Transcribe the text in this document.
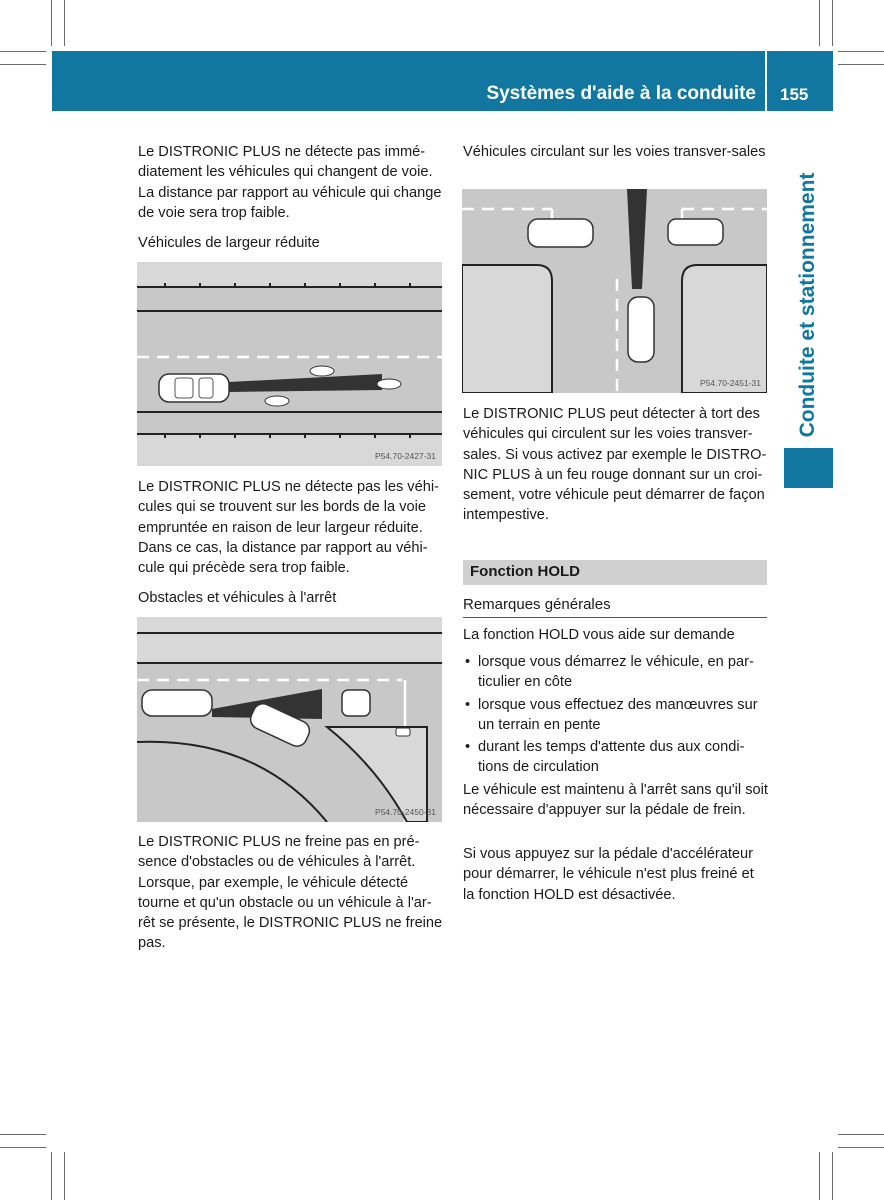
Systèmes d'aide à la conduite 155
Conduite et stationnement

Le DISTRONIC PLUS ne détecte pas immé-diatement les véhicules qui changent de voie. La distance par rapport au véhicule qui change de voie sera trop faible.

Véhicules de largeur réduite
P54.70-2427-31

Le DISTRONIC PLUS ne détecte pas les véhi-cules qui se trouvent sur les bords de la voie empruntée en raison de leur largeur réduite. Dans ce cas, la distance par rapport au véhi-cule qui précède sera trop faible.

Obstacles et véhicules à l'arrêt
P54.70-2450-31

Le DISTRONIC PLUS ne freine pas en pré-sence d'obstacles ou de véhicules à l'arrêt. Lorsque, par exemple, le véhicule détecté tourne et qu'un obstacle ou un véhicule à l'ar-rêt se présente, le DISTRONIC PLUS ne freine pas.

Véhicules circulant sur les voies transver-sales
P54.70-2451-31

Le DISTRONIC PLUS peut détecter à tort des véhicules qui circulent sur les voies transver-sales. Si vous activez par exemple le DISTRO-NIC PLUS à un feu rouge donnant sur un croi-sement, votre véhicule peut démarrer de façon intempestive.

Fonction HOLD
Remarques générales
La fonction HOLD vous aide sur demande

• lorsque vous démarrez le véhicule, en par-ticulier en côte

• lorsque vous effectuez des manœuvres sur un terrain en pente

• durant les temps d'attente dus aux condi-tions de circulation

Le véhicule est maintenu à l'arrêt sans qu'il soit nécessaire d'appuyer sur la pédale de frein.

Si vous appuyez sur la pédale d'accélérateur pour démarrer, le véhicule n'est plus freiné et la fonction HOLD est désactivée.
